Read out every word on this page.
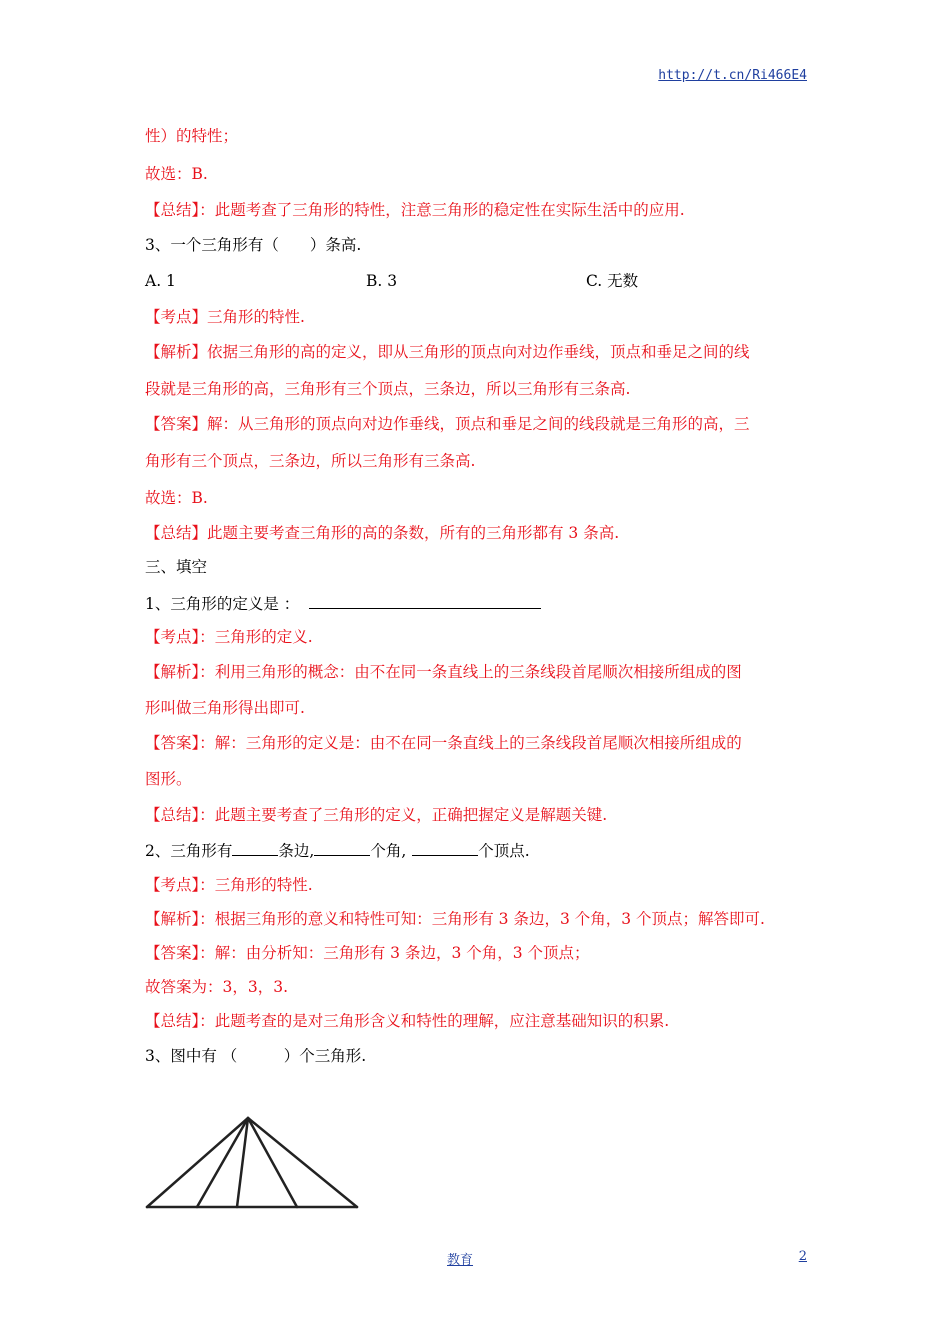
http://t.cn/Ri466E4
性）的特性；
故选：B.
【总结】：此题考查了三角形的特性，注意三角形的稳定性在实际生活中的应用.
3、一个三角形有（　　）条高.
A. 1	B. 3	C. 无数
【考点】三角形的特性.
【解析】依据三角形的高的定义，即从三角形的顶点向对边作垂线，顶点和垂足之间的线
段就是三角形的高，三角形有三个顶点，三条边，所以三角形有三条高.
【答案】解：从三角形的顶点向对边作垂线，顶点和垂足之间的线段就是三角形的高，三
角形有三个顶点，三条边，所以三角形有三条高.
故选：B.
【总结】此题主要考查三角形的高的条数，所有的三角形都有 3 条高.
三、填空
1、三角形的定义是 ：
【考点】：三角形的定义.
【解析】：利用三角形的概念：由不在同一条直线上的三条线段首尾顺次相接所组成的图
形叫做三角形得出即可.
【答案】：解：三角形的定义是：由不在同一条直线上的三条线段首尾顺次相接所组成的
图形。
【总结】：此题主要考查了三角形的定义，正确把握定义是解题关键.
2、三角形有	条边,	个角,	个顶点.
【考点】：三角形的特性.
【解析】：根据三角形的意义和特性可知：三角形有 3 条边，3 个角，3 个顶点；解答即可.
【答案】：解：由分析知：三角形有 3 条边，3 个角，3 个顶点；
故答案为：3，3，3.
【总结】：此题考查的是对三角形含义和特性的理解，应注意基础知识的积累.
3、图中有 （　　　）个三角形.
教育	2
